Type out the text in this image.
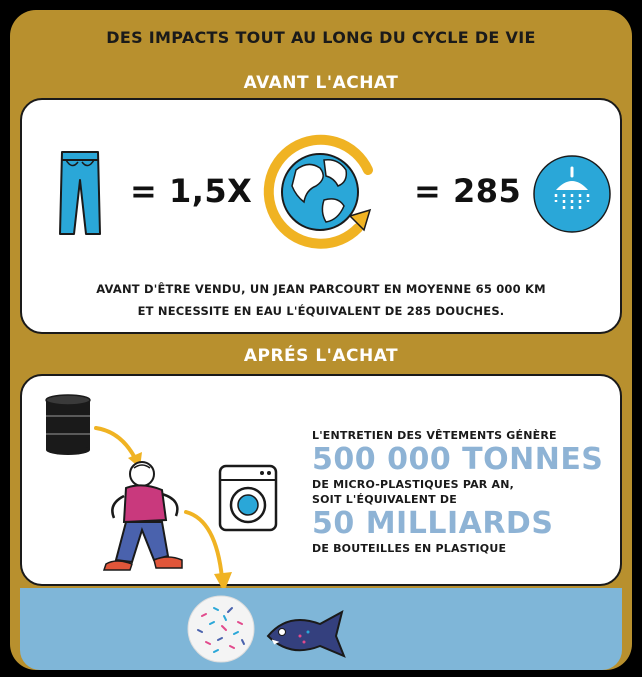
DES IMPACTS TOUT AU LONG DU CYCLE DE VIE
AVANT L'ACHAT
= 1,5X	= 285
AVANT D'ÊTRE VENDU, UN JEAN PARCOURT EN MOYENNE 65 000 KM
ET NECESSITE EN EAU L'ÉQUIVALENT DE 285 DOUCHES.
APRÉS L'ACHAT
L'ENTRETIEN DES VÊTEMENTS GÉNÈRE
500 000 TONNES
DE MICRO-PLASTIQUES PAR AN,
SOIT L'ÉQUIVALENT DE
50 MILLIARDS
DE BOUTEILLES EN PLASTIQUE
